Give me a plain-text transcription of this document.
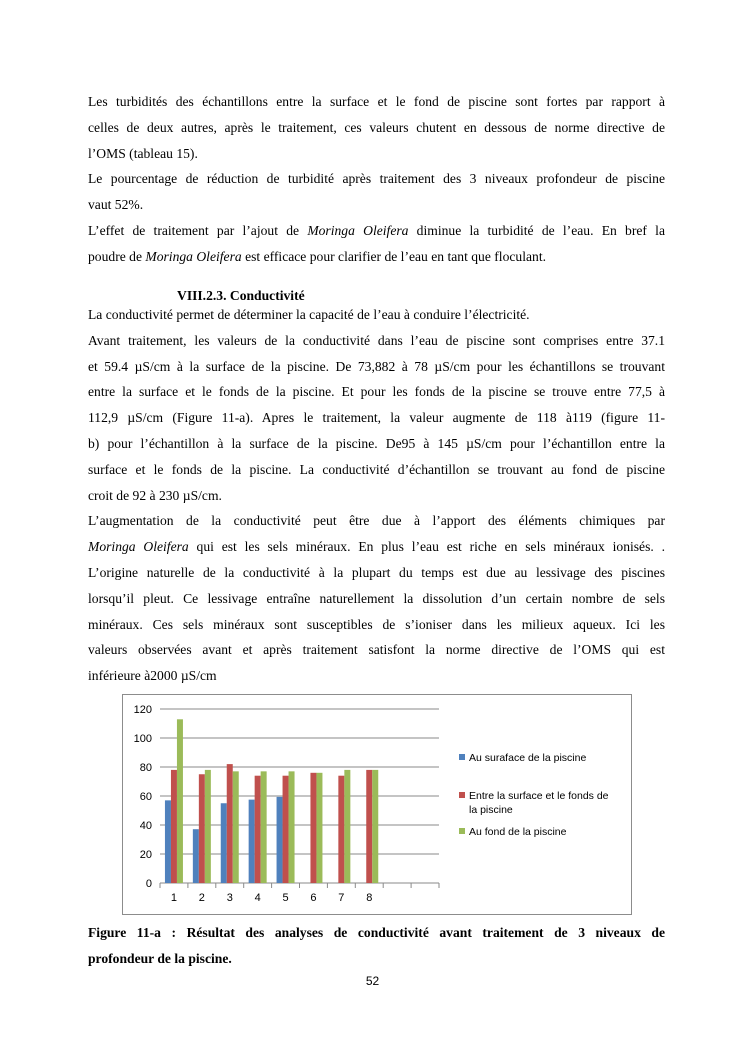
Les turbidités des échantillons entre la surface et le fond de piscine sont fortes par rapport à
celles de deux autres, après le traitement, ces valeurs chutent en dessous de norme directive de
l’OMS (tableau 15).
Le pourcentage de réduction de turbidité après traitement des 3 niveaux profondeur de piscine
vaut 52%.
L’effet de traitement par l’ajout de Moringa Oleifera diminue la turbidité de l’eau. En bref la
poudre de Moringa Oleifera est efficace pour clarifier de l’eau en tant que floculant.
VIII.2.3. Conductivité
La conductivité permet de déterminer la capacité de l’eau à conduire l’électricité.
Avant traitement, les valeurs de la conductivité dans l’eau de piscine sont comprises entre 37.1
et 59.4 µS/cm à la surface de la piscine. De 73,882 à 78 µS/cm pour les échantillons se trouvant
entre la surface et le fonds de la piscine. Et pour les fonds de la piscine se trouve entre 77,5 à
112,9 µS/cm (Figure 11-a). Apres le traitement, la valeur augmente de 118 à119 (figure 11-
b) pour l’échantillon à la surface de la piscine. De95 à 145 µS/cm pour l’échantillon entre la
surface et le fonds de la piscine. La conductivité d’échantillon se trouvant au fond de piscine
croit de 92 à 230 µS/cm.
L’augmentation de la conductivité peut être due à l’apport des éléments chimiques par
Moringa Oleifera qui est les sels minéraux. En plus l’eau est riche en sels minéraux ionisés. .
L’origine naturelle de la conductivité à la plupart du temps est due au lessivage des piscines
lorsqu’il pleut. Ce lessivage entraîne naturellement la dissolution d’un certain nombre de sels
minéraux. Ces sels minéraux sont susceptibles de s’ioniser dans les milieux aqueux. Ici les
valeurs observées avant et après traitement satisfont la norme directive de l’OMS qui est
inférieure à2000 µS/cm
0
20
40
60
80
100
120
1 2 3 4 5 6 7 8
Au suraface de la piscine
Entre la surface et le fonds de
la piscine
Au fond de la piscine
Figure 11-a : Résultat des analyses de conductivité avant traitement de 3 niveaux de
profondeur de la piscine.
52
